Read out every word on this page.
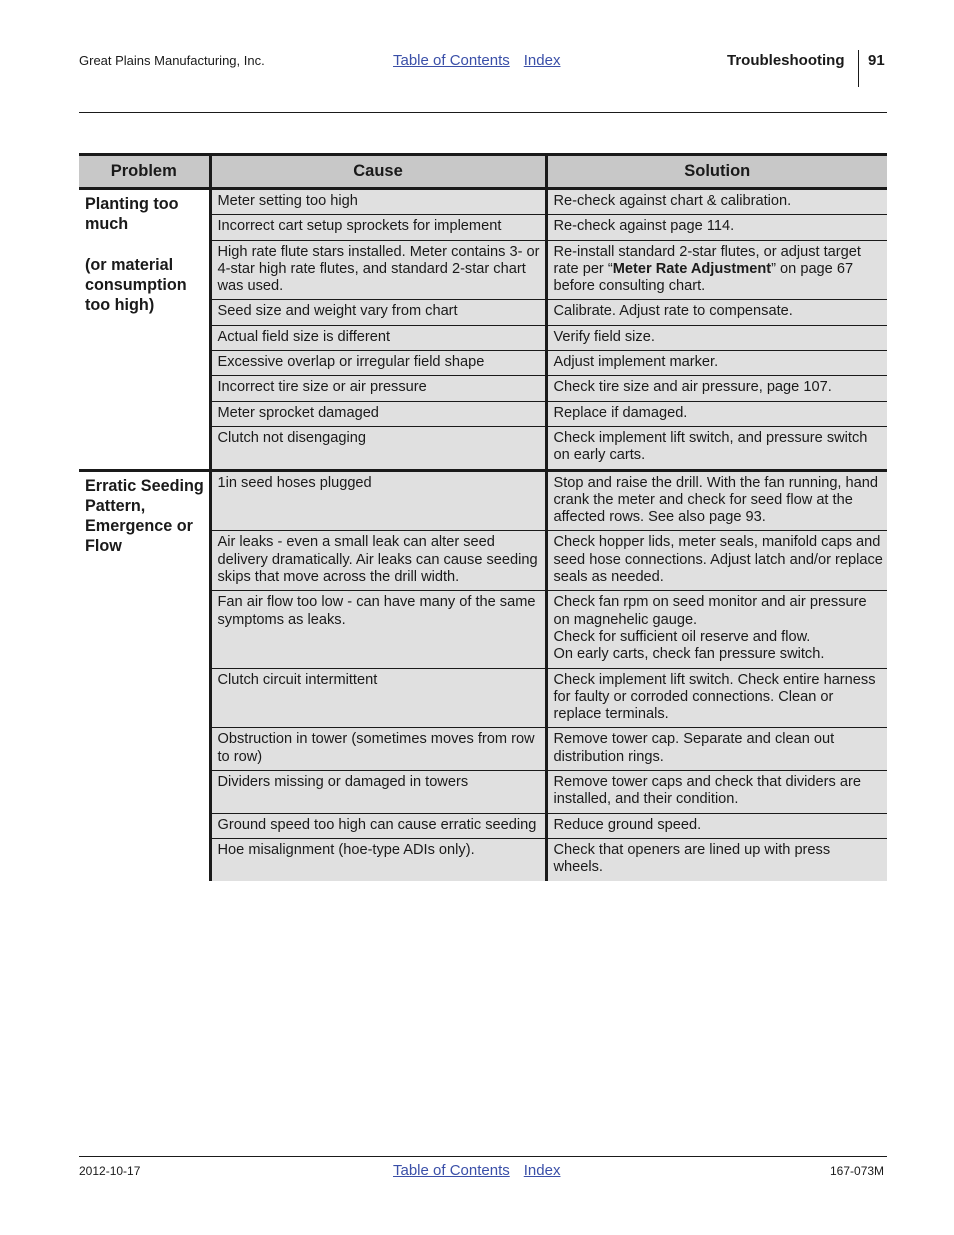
Great Plains Manufacturing, Inc.	Table of Contents Index	Troubleshooting 91
Problem	Cause	Solution

Planting too much
(or material consumption too high)	Meter setting too high	Re-check against chart & calibration.
	Incorrect cart setup sprockets for implement	Re-check against page 114.
	High rate flute stars installed. Meter contains 3- or 4-star high rate flutes, and standard 2-star chart was used.	Re-install standard 2-star flutes, or adjust target rate per “Meter Rate Adjustment” on page 67 before consulting chart.
	Seed size and weight vary from chart	Calibrate. Adjust rate to compensate.
	Actual field size is different	Verify field size.
	Excessive overlap or irregular field shape	Adjust implement marker.
	Incorrect tire size or air pressure	Check tire size and air pressure, page 107.
	Meter sprocket damaged	Replace if damaged.
	Clutch not disengaging	Check implement lift switch, and pressure switch on early carts.

Erratic Seeding Pattern, Emergence or Flow	1in seed hoses plugged	Stop and raise the drill. With the fan running, hand crank the meter and check for seed flow at the affected rows. See also page 93.
	Air leaks - even a small leak can alter seed delivery dramatically. Air leaks can cause seeding skips that move across the drill width.	Check hopper lids, meter seals, manifold caps and seed hose connections. Adjust latch and/or replace seals as needed.
	Fan air flow too low - can have many of the same symptoms as leaks.	Check fan rpm on seed monitor and air pressure on magnehelic gauge.
Check for sufficient oil reserve and flow.
On early carts, check fan pressure switch.

	Clutch circuit intermittent	Check implement lift switch. Check entire harness for faulty or corroded connections. Clean or replace terminals.
	Obstruction in tower (sometimes moves from row to row)	Remove tower cap. Separate and clean out distribution rings.
	Dividers missing or damaged in towers	Remove tower caps and check that dividers are installed, and their condition.
	Ground speed too high can cause erratic seeding	Reduce ground speed.
	Hoe misalignment (hoe-type ADIs only).	Check that openers are lined up with press wheels.
2012-10-17	Table of Contents Index	167-073M
